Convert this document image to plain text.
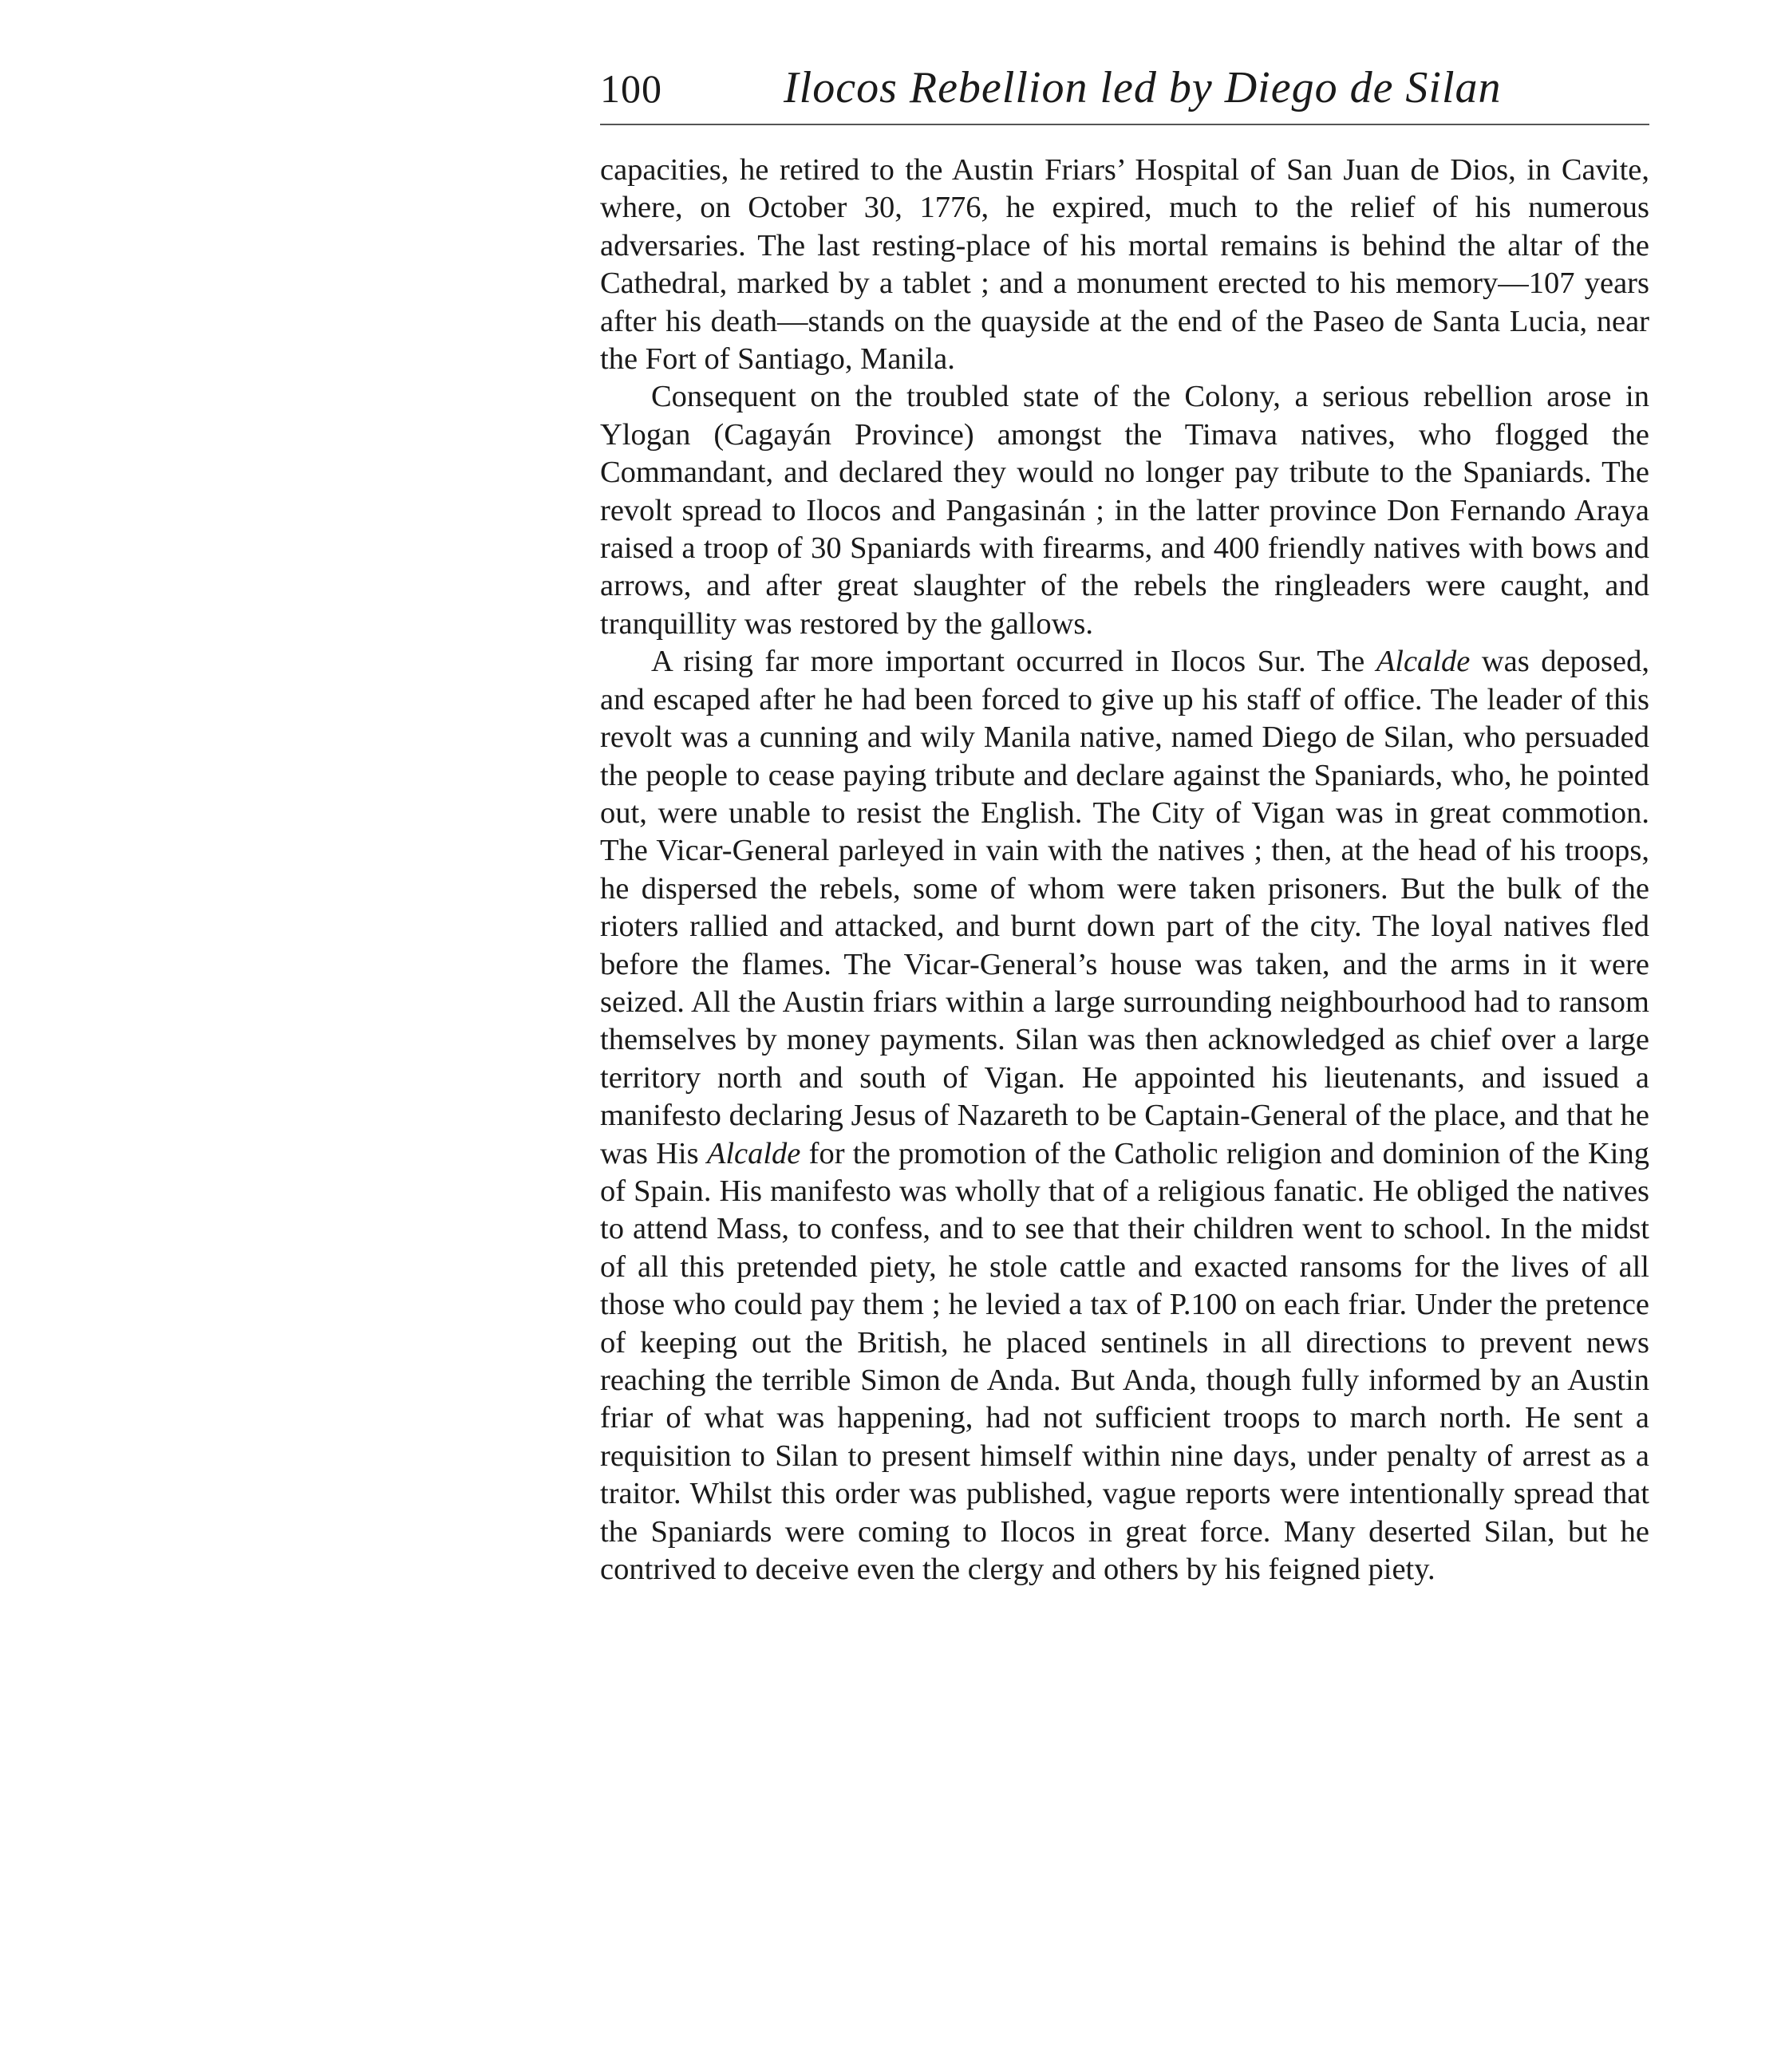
100	Ilocos Rebellion led by Diego de Silan

capacities, he retired to the Austin Friars’ Hospital of San Juan de Dios, in Cavite, where, on October 30, 1776, he expired, much to the relief of his numerous adversaries. The last resting-place of his mortal remains is behind the altar of the Cathedral, marked by a tablet ; and a monument erected to his memory—107 years after his death—stands on the quayside at the end of the Paseo de Santa Lucia, near the Fort of Santiago, Manila.

Consequent on the troubled state of the Colony, a serious rebellion arose in Ylogan (Cagayán Province) amongst the Timava natives, who flogged the Commandant, and declared they would no longer pay tribute to the Spaniards. The revolt spread to Ilocos and Pangasinán ; in the latter province Don Fernando Araya raised a troop of 30 Spaniards with firearms, and 400 friendly natives with bows and arrows, and after great slaughter of the rebels the ringleaders were caught, and tranquillity was restored by the gallows.

A rising far more important occurred in Ilocos Sur. The Alcalde was deposed, and escaped after he had been forced to give up his staff of office. The leader of this revolt was a cunning and wily Manila native, named Diego de Silan, who persuaded the people to cease paying tribute and declare against the Spaniards, who, he pointed out, were unable to resist the English. The City of Vigan was in great commotion. The Vicar-General parleyed in vain with the natives ; then, at the head of his troops, he dispersed the rebels, some of whom were taken prisoners. But the bulk of the rioters rallied and attacked, and burnt down part of the city. The loyal natives fled before the flames. The Vicar-General’s house was taken, and the arms in it were seized. All the Austin friars within a large surrounding neighbourhood had to ransom themselves by money payments. Silan was then acknowledged as chief over a large territory north and south of Vigan. He appointed his lieutenants, and issued a manifesto declaring Jesus of Nazareth to be Captain-General of the place, and that he was His Alcalde for the promotion of the Catholic religion and dominion of the King of Spain. His manifesto was wholly that of a religious fanatic. He obliged the natives to attend Mass, to confess, and to see that their children went to school. In the midst of all this pretended piety, he stole cattle and exacted ransoms for the lives of all those who could pay them ; he levied a tax of P.100 on each friar. Under the pretence of keeping out the British, he placed sentinels in all directions to prevent news reaching the terrible Simon de Anda. But Anda, though fully informed by an Austin friar of what was happening, had not sufficient troops to march north. He sent a requisition to Silan to present himself within nine days, under penalty of arrest as a traitor. Whilst this order was published, vague reports were intentionally spread that the Spaniards were coming to Ilocos in great force. Many deserted Silan, but he contrived to deceive even the clergy and others by his feigned piety.
